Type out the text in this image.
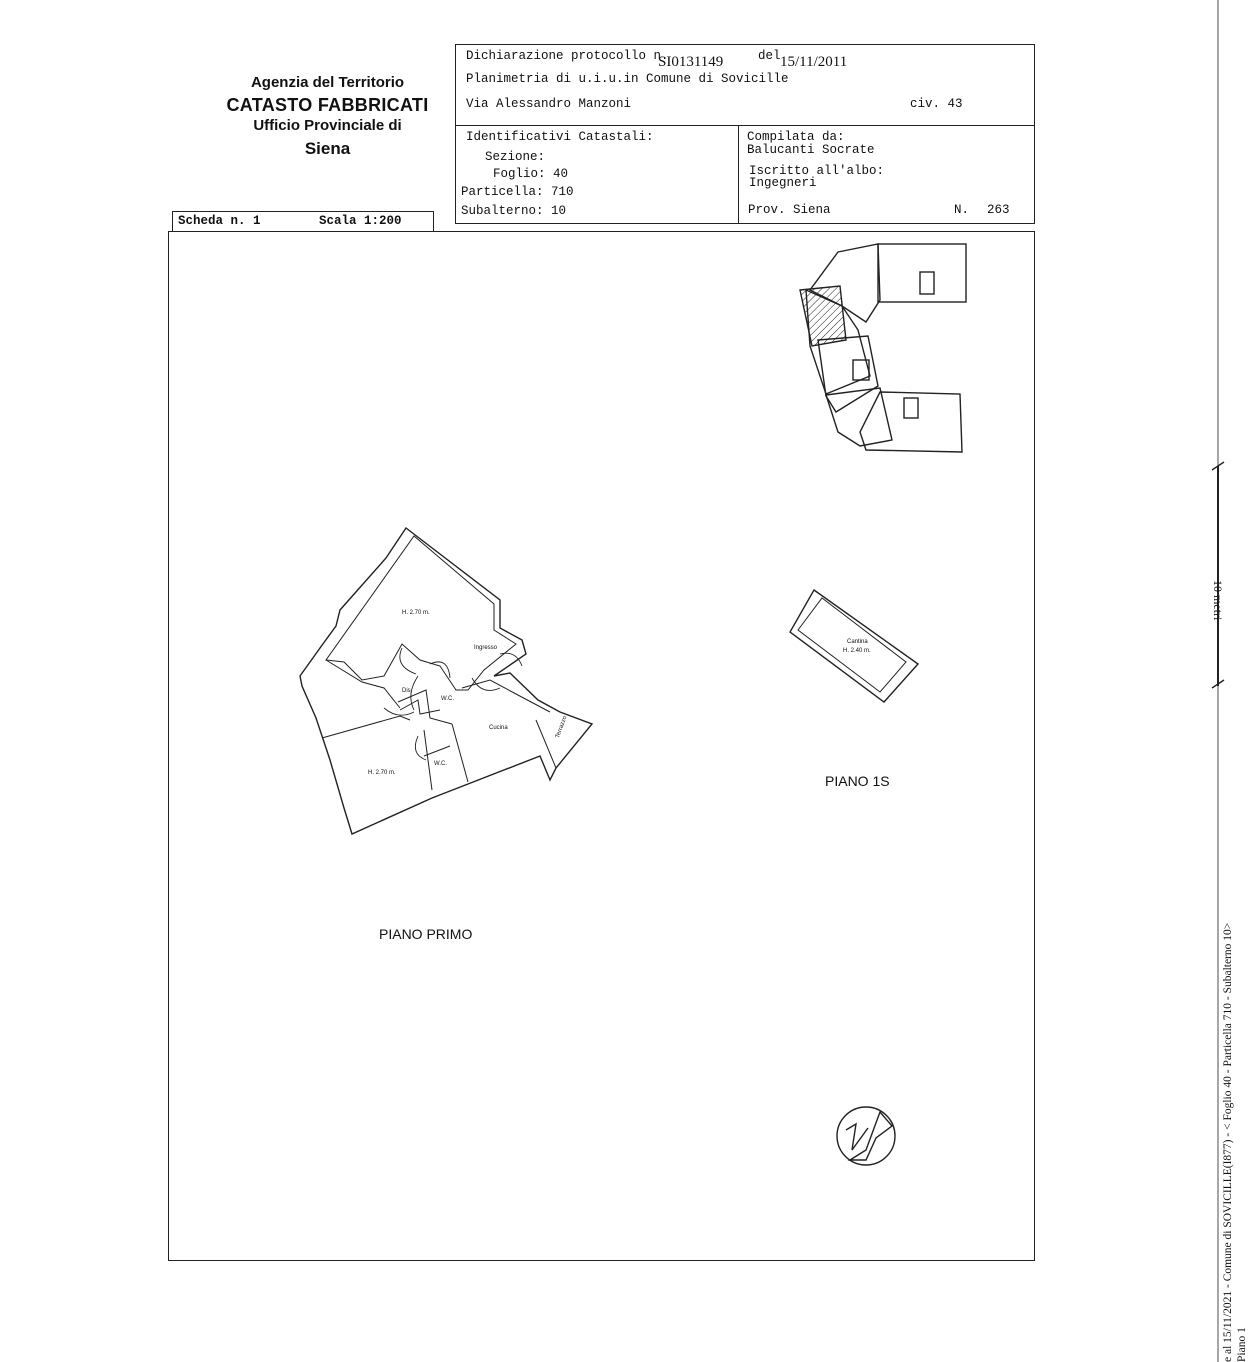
Agenzia del Territorio
CATASTO FABBRICATI
Ufficio Provinciale di
Siena
Dichiarazione protocollo n.
SI0131149	del 15/11/2011
Planimetria di u.i.u.in Comune di Sovicille
Via Alessandro Manzoni	civ. 43
Identificativi Catastali:
Sezione:
Foglio: 40
Particella: 710
Subalterno: 10
Compilata da:
Balucanti Socrate
Iscritto all'albo:
Ingegneri
Prov. Siena	N. 263
Scheda n. 1	Scala 1:200
H. 2.70 m.
Ingresso
Dis.
W.C.
Cucina	Terrazzo
W.C.
H. 2.70 m.
Cantina
H. 2.40 m.
PIANO 1S
PIANO PRIMO
10 metri
e al 15/11/2021 - Comune di SOVICILLE(I877) - < Foglio 40 - Particella 710 - Subalterno 10> Piano 1
